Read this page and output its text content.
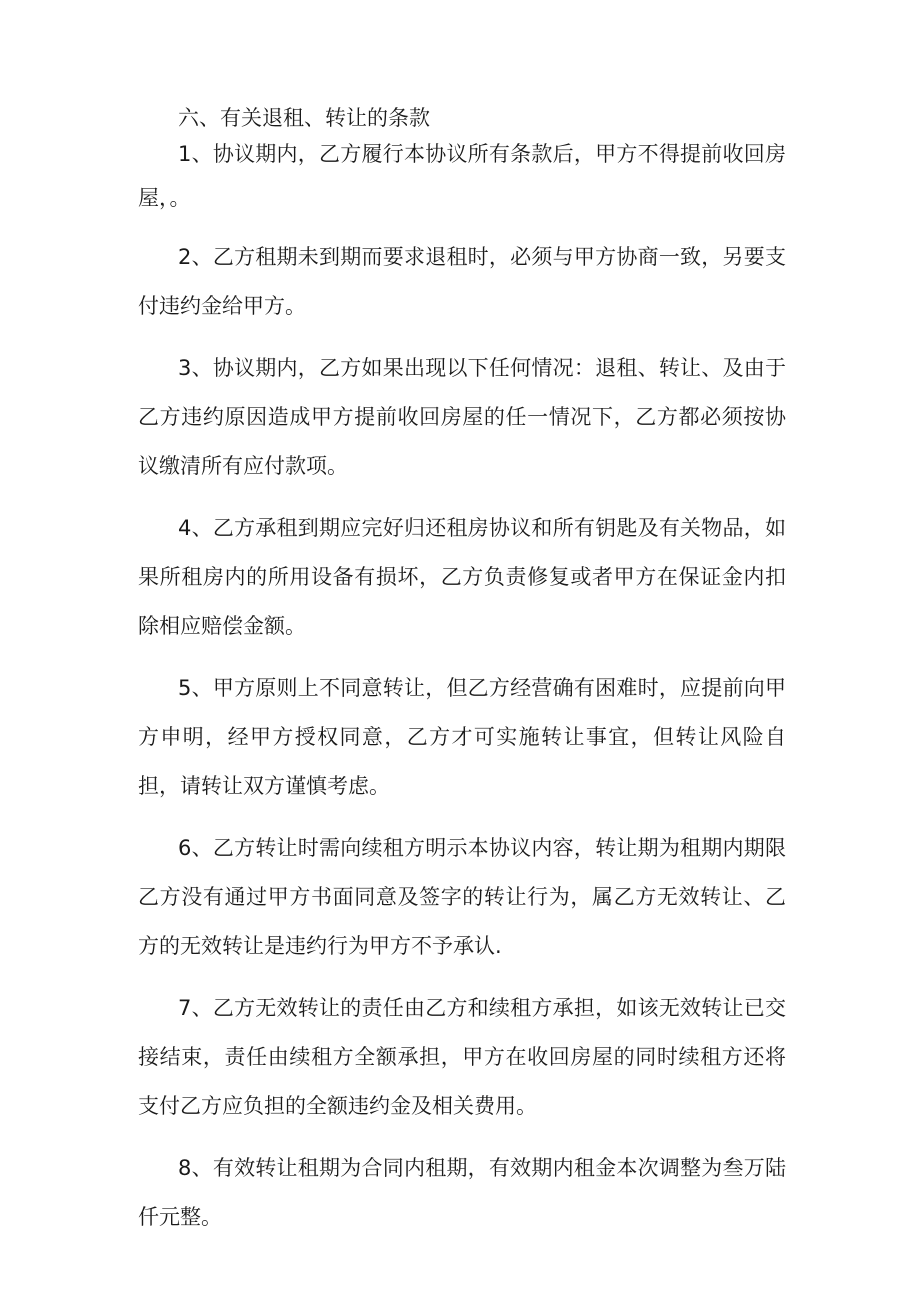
六、有关退租、转让的条款

1、协议期内，乙方履行本协议所有条款后，甲方不得提前收回房屋，。

2、乙方租期未到期而要求退租时，必须与甲方协商一致，另要支付违约金给甲方。

3、协议期内，乙方如果出现以下任何情况：退租、转让、及由于乙方违约原因造成甲方提前收回房屋的任一情况下，乙方都必须按协议缴清所有应付款项。

4、乙方承租到期应完好归还租房协议和所有钥匙及有关物品，如果所租房内的所用设备有损坏，乙方负责修复或者甲方在保证金内扣除相应赔偿金额。

5、甲方原则上不同意转让，但乙方经营确有困难时，应提前向甲方申明，经甲方授权同意，乙方才可实施转让事宜，但转让风险自担，请转让双方谨慎考虑。

6、乙方转让时需向续租方明示本协议内容，转让期为租期内期限乙方没有通过甲方书面同意及签字的转让行为，属乙方无效转让、乙方的无效转让是违约行为甲方不予承认.

7、乙方无效转让的责任由乙方和续租方承担，如该无效转让已交接结束，责任由续租方全额承担，甲方在收回房屋的同时续租方还将支付乙方应负担的全额违约金及相关费用。

8、有效转让租期为合同内租期，有效期内租金本次调整为叁万陆仟元整。
